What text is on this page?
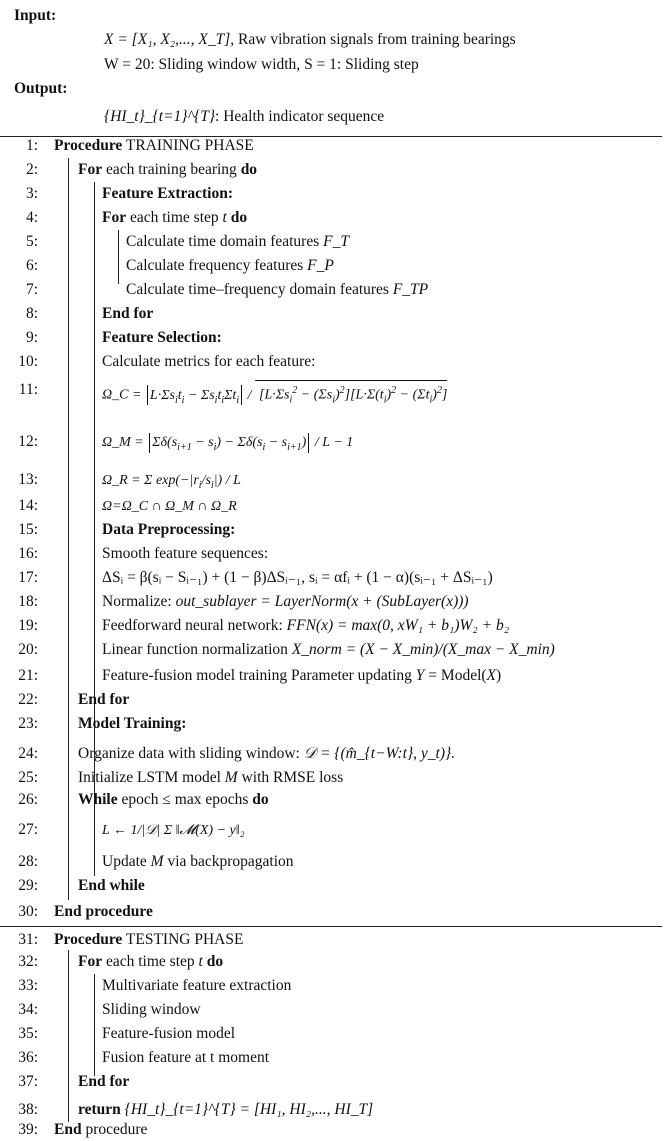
Input:
X = [X₁, X₂,..., X_T], Raw vibration signals from training bearings
W = 20: Sliding window width, S = 1: Sliding step
Output:
{HI_t}_{t=1}^{T}: Health indicator sequence
1: Procedure TRAINING PHASE
2:	For each training bearing do
3:	Feature Extraction:
4:	For each time step t do
5:	Calculate time domain features F_T
6:	Calculate frequency features F_P
7:	Calculate time–frequency domain features F_TP
8:	End for
9:	Feature Selection:
10:	Calculate metrics for each feature:
11:	Ω_C = $L\cdot\Sigma s_it_i - \Sigma s_it_i\Sigma t_i / [L\cdot\Sigma s_i^2 - (\Sigma s_i)^2][L\cdot\Sigma(t_i)^2 - (\Sigma t_i)^2]$
12:	Ω_M = $\Sigma\delta(s_{i+1} - s_i) - \Sigma\delta(s_i - s_{i+1}) / L - 1$
13:	Ω_R = Σ $\exp(-|r_i/s_i|) / L$
14:	Ω=Ω_C ∩ Ω_M ∩ Ω_R
15:	Data Preprocessing:
16:	Smooth feature sequences:
17:	ΔSᵢ = β(sᵢ − Sᵢ₋₁) + (1 − β)ΔSᵢ₋₁, sᵢ = αfᵢ + (1 − α)(sᵢ₋₁ + ΔSᵢ₋₁)
18:	Normalize: out_sublayer = LayerNorm(x + (SubLayer(x)))
19:	Feedforward neural network: FFN(x) = max(0, xW₁ + b₁)W₂ + b₂
20:	Linear function normalization X_norm = (X − X_min)/(X_max − X_min)
21:	Feature-fusion model training Parameter updating Y = Model(X)
22:	End for
23:	Model Training:
24:	Organize data with sliding window: 𝒟 = {(m̂_{t−W:t}, y_t)}.
25:	Initialize LSTM model M with RMSE loss
26:	While epoch ≤ max epochs do
27:	L ← 1/|𝒟| Σ ‖𝓜(X) − y‖₂
28:	Update M via backpropagation
29:	End while
30: End procedure
31: Procedure TESTING PHASE
32:	For each time step t do
33:	Multivariate feature extraction
34:	Sliding window
35:	Feature-fusion model
36:	Fusion feature at t moment
37:	End for
38:	return {HI_t}_{t=1}^{T} = [HI₁, HI₂,..., HI_T]
39: End procedure
